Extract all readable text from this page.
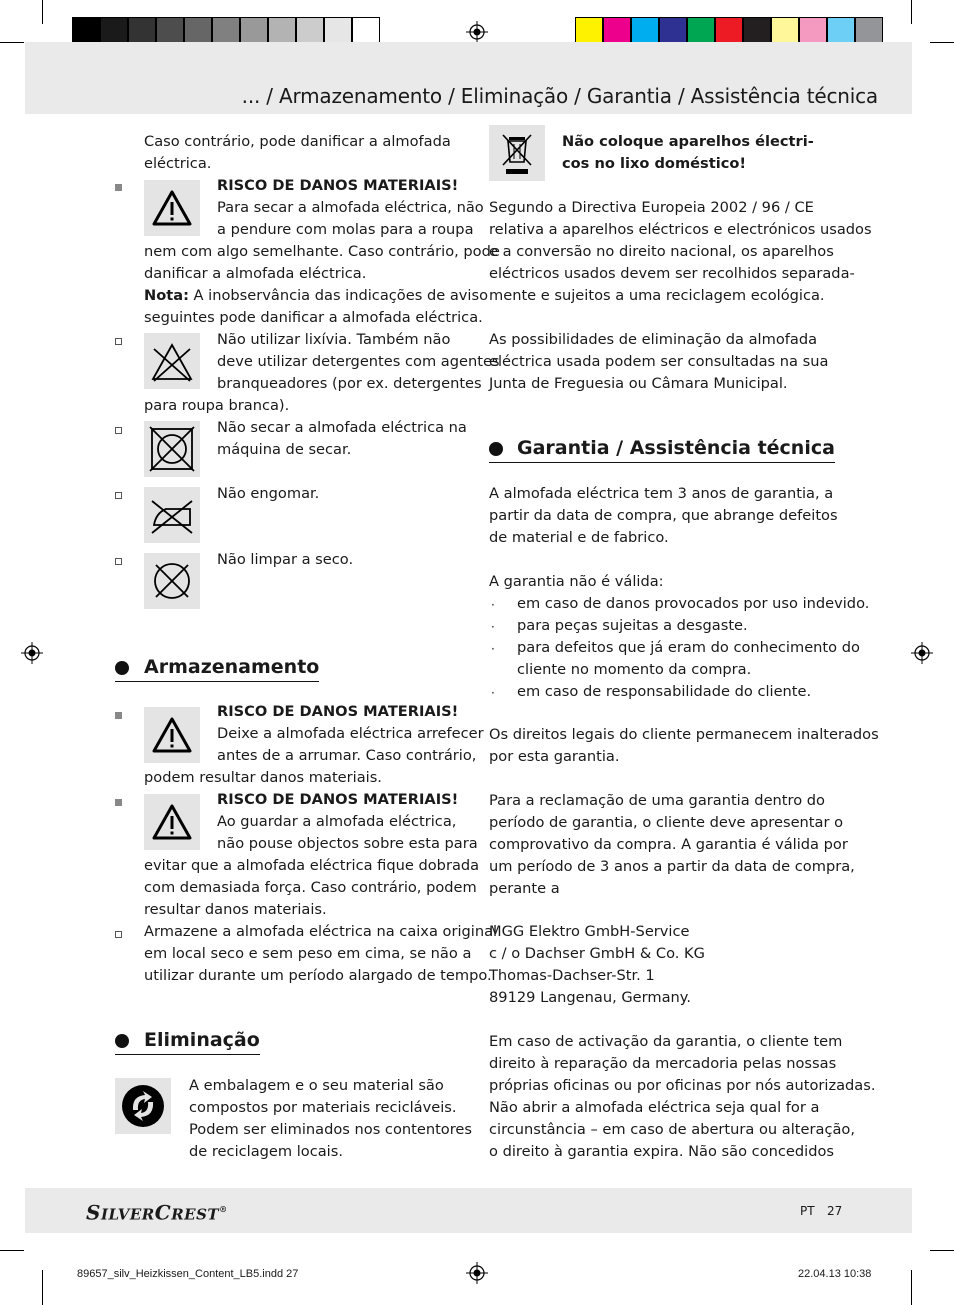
... / Armazenamento / Eliminação / Garantia / Assistência técnica
Caso contrário, pode danificar a almofada
eléctrica.
RISCO DE DANOS MATERIAIS!
Para secar a almofada eléctrica, não
a pendure com molas para a roupa
nem com algo semelhante. Caso contrário, pode
danificar a almofada eléctrica.
Nota: A inobservância das indicações de aviso
seguintes pode danificar a almofada eléctrica.
Não utilizar lixívia. Também não
deve utilizar detergentes com agentes
branqueadores (por ex. detergentes
para roupa branca).
Não secar a almofada eléctrica na
máquina de secar.
Não engomar.
Não limpar a seco.
Armazenamento
RISCO DE DANOS MATERIAIS!
Deixe a almofada eléctrica arrefecer
antes de a arrumar. Caso contrário,
podem resultar danos materiais.
RISCO DE DANOS MATERIAIS!
Ao guardar a almofada eléctrica,
não pouse objectos sobre esta para
evitar que a almofada eléctrica fique dobrada
com demasiada força. Caso contrário, podem
resultar danos materiais.
Armazene a almofada eléctrica na caixa original
em local seco e sem peso em cima, se não a
utilizar durante um período alargado de tempo.
Eliminação
A embalagem e o seu material são
compostos por materiais recicláveis.
Podem ser eliminados nos contentores
de reciclagem locais.
Não coloque aparelhos électri-
cos no lixo doméstico!
Segundo a Directiva Europeia 2002 / 96 / CE
relativa a aparelhos eléctricos e electrónicos usados
e a conversão no direito nacional, os aparelhos
eléctricos usados devem ser recolhidos separada-
mente e sujeitos a uma reciclagem ecológica.
As possibilidades de eliminação da almofada
eléctrica usada podem ser consultadas na sua
Junta de Freguesia ou Câmara Municipal.
Garantia / Assistência técnica
A almofada eléctrica tem 3 anos de garantia, a
partir da data de compra, que abrange defeitos
de material e de fabrico.
A garantia não é válida:
· em caso de danos provocados por uso indevido.
· para peças sujeitas a desgaste.
· para defeitos que já eram do conhecimento do
cliente no momento da compra.
· em caso de responsabilidade do cliente.
Os direitos legais do cliente permanecem inalterados
por esta garantia.
Para a reclamação de uma garantia dentro do
período de garantia, o cliente deve apresentar o
comprovativo da compra. A garantia é válida por
um período de 3 anos a partir da data de compra,
perante a
MGG Elektro GmbH-Service
c / o Dachser GmbH & Co. KG
Thomas-Dachser-Str. 1
89129 Langenau, Germany.
Em caso de activação da garantia, o cliente tem
direito à reparação da mercadoria pelas nossas
próprias oficinas ou por oficinas por nós autorizadas.
Não abrir a almofada eléctrica seja qual for a
circunstância – em caso de abertura ou alteração,
o direito à garantia expira. Não são concedidos
SILVERCREST®	PT 27
89657_silv_Heizkissen_Content_LB5.indd 27	22.04.13 10:38
